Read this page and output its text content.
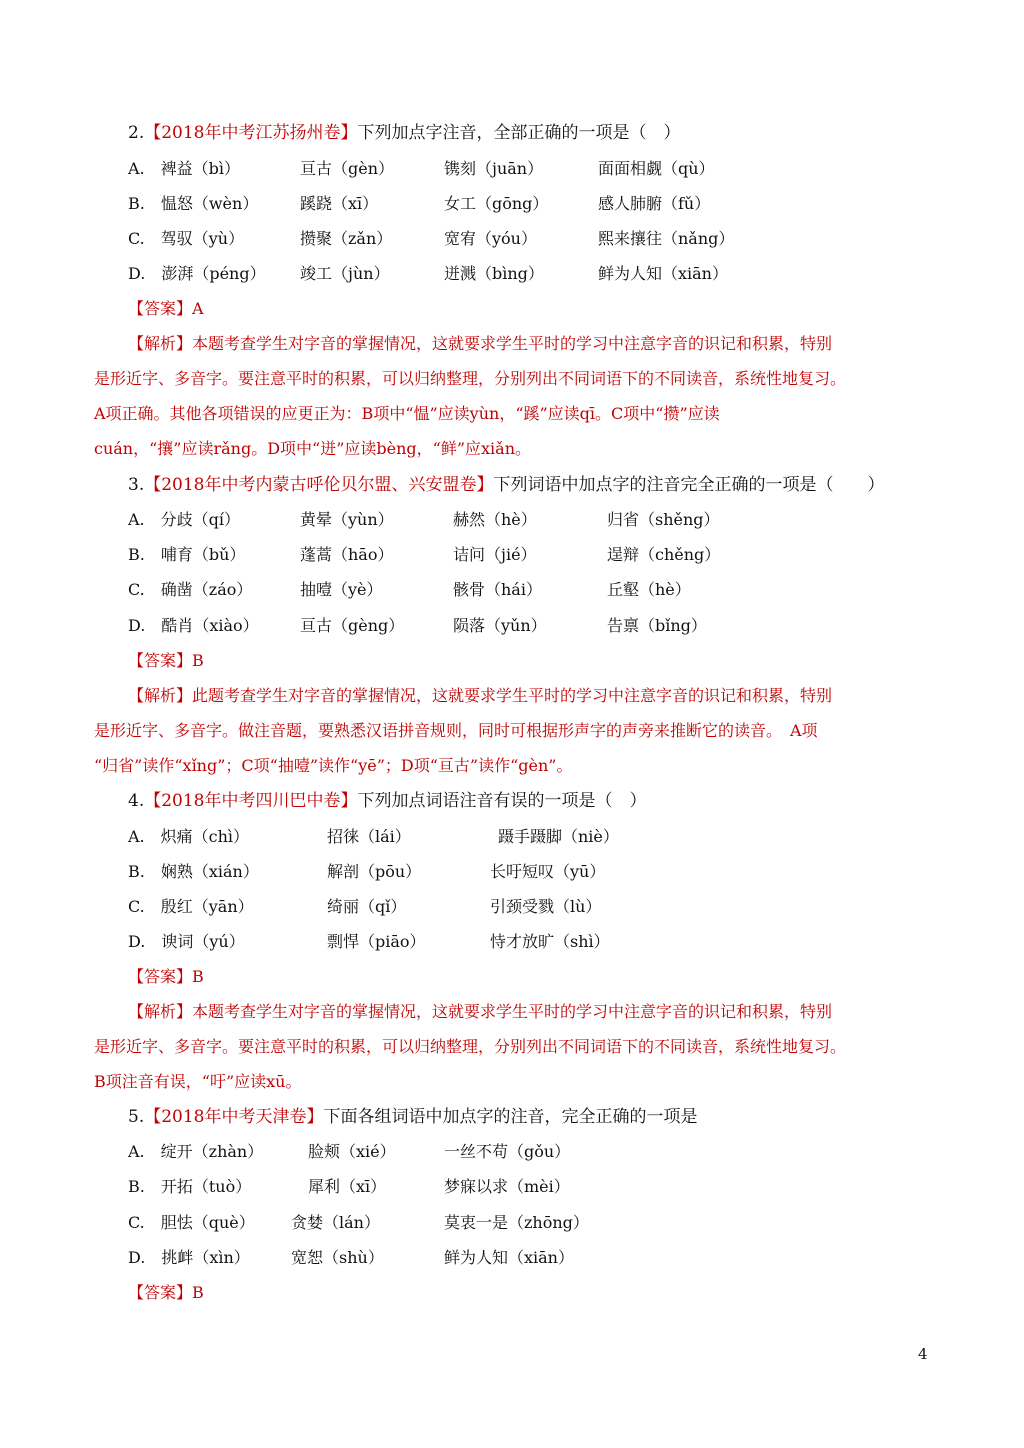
2.【2018年中考江苏扬州卷】下列加点字注音，全部正确的一项是（　）
A.　裨益（bì）	亘古（gèn）	镌刻（juān）	面面相觑（qù）
B.　愠怒（wèn）	蹊跷（xī）	女工（gōng）	感人肺腑（fǔ）
C.　驾驭（yù）	攒聚（zǎn）	宽宥（yóu）	熙来攘往（nǎng）
D.　澎湃（péng） 竣工（jùn）	迸溅（bìng）	鲜为人知（xiān）
【答案】A
【解析】本题考查学生对字音的掌握情况，这就要求学生平时的学习中注意字音的识记和积累，特别
是形近字、多音字。要注意平时的积累，可以归纳整理，分别列出不同词语下的不同读音，系统性地复习。
A项正确。其他各项错误的应更正为：B项中“愠”应读yùn，“蹊”应读qī。C项中“攒”应读
cuán，“攘”应读rǎng。D项中“迸”应读bèng，“鲜”应xiǎn。
3.【2018年中考内蒙古呼伦贝尔盟、兴安盟卷】下列词语中加点字的注音完全正确的一项是（　　）
A.　分歧（qí）	黄晕（yùn）	赫然（hè）	归省（shěng）
B.　哺育（bǔ）	蓬蒿（hāo）	诘问（jié）	逞辩（chěng）
C.　确凿（záo）	抽噎（yè）	骸骨（hái）	丘壑（hè）
D.　酷肖（xiào）	亘古（gèng）	陨落（yǔn）	告禀（bǐng）
【答案】B
【解析】此题考查学生对字音的掌握情况，这就要求学生平时的学习中注意字音的识记和积累，特别
是形近字、多音字。做注音题，要熟悉汉语拼音规则，同时可根据形声字的声旁来推断它的读音。　A项
“归省”读作“xǐng”；C项“抽噎”读作“yē”；D项“亘古”读作“gèn”。
4.【2018年中考四川巴中卷】下列加点词语注音有误的一项是（　）
A.　炽痛（chì）	招徕（lái）	蹑手蹑脚（niè）
B.　娴熟（xián）	解剖（pōu）	长吁短叹（yū）
C.　殷红（yān）	绮丽（qǐ）	引颈受戮（lù）
D.　谀词（yú）	剽悍（piāo）	恃才放旷（shì）
【答案】B
【解析】本题考查学生对字音的掌握情况，这就要求学生平时的学习中注意字音的识记和积累，特别
是形近字、多音字。要注意平时的积累，可以归纳整理，分别列出不同词语下的不同读音，系统性地复习。
B项注音有误，“吁”应读xū。
5.【2018年中考天津卷】下面各组词语中加点字的注音，完全正确的一项是
A.　绽开（zhàn）	脸颊（xié）	一丝不苟（gǒu）
B.　开拓（tuò）	犀利（xī）	梦寐以求（mèi）
C.　胆怯（què） 贪婪（lán）	莫衷一是（zhōng）
D.　挑衅（xìn）	宽恕（shù）	鲜为人知（xiān）
【答案】B
4
